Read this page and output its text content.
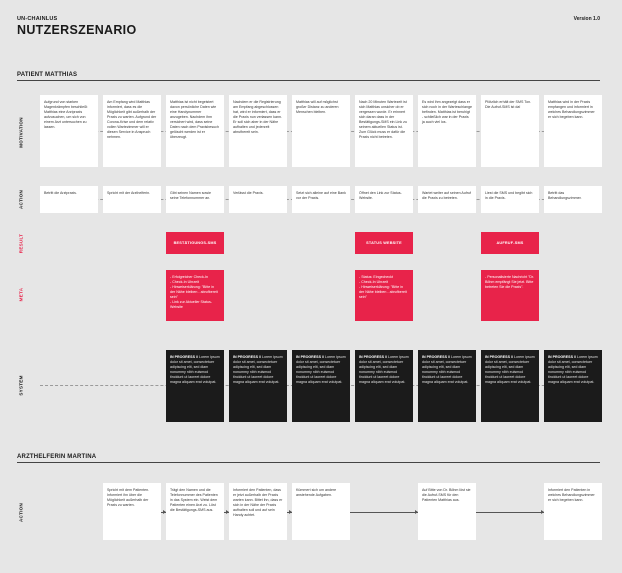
UN-CHAINLUS
NUTZERSZENARIO
Version 1.0
PATIENT MATTHIAS
MOTIVATION
ACTION
RESULT
META
SYSTEM
Aufgrund von starken Magenkrämpfen beschließt Matthias eine Arztpraxis aufzusuchen, um sich von einem Arzt untersuchen zu lassen.
Am Empfang wird Matthias informiert, dass es die Möglichkeit gibt außerhalb der Praxis zu warten. Aufgrund der Corona-Krise und dem relativ vollen Wartezimmer will er diesen Service in Anspruch nehmen.
Matthias ist nicht begeistert davon persönliche Daten wie eine Handynummer anzugeben. Nachdem ihm versichert wird, dass seine Daten nach dem Praxisbesuch gelöscht werden ist er überzeugt.
Nachdem er die Registrierung am Empfang abgeschlossen hat, wird er informiert, dass er die Praxis nun verlassen kann. Er soll sich aber in der Nähe aufhalten und jederzeit abrufbereit sein.
Matthias will auf möglichst großer Distanz zu anderen Menschen bleiben.
Nach 20 Minuten Wartezeit ist sich Matthias unsicher ob er vergessen wurde. Er erinnert sich daran dass in der Bestätigungs-SMS ein Link zu seinem aktuellen Status ist. Zum Glück muss er dafür die Praxis nicht betreten.
Es wird ihm angezeigt dass er sich noch in der Warteschlange befinden. Matthias ist beruhigt - schließlich war in der Praxis ja auch viel los.
Plötzlich erhält der SMS Ton. Die Aufruf-SMS ist da!
Matthias wird in der Praxis empfangen und informiert in welches Behandlungszimmer er sich begeben kann.
Betritt die Arztpraxis.	Spricht mit der Arzthelferin.	Gibt seinen Namen sowie seine Telefonnummer an.
Verlässt die Praxis.	Setzt sich alleine auf eine Bank vor der Praxis.
Öffnet den Link zur Status-Website.
Wartet weiter auf seinen Aufruf die Praxis zu betreten.
Liest die SMS und begibt sich in die Praxis.
Betritt das Behandlungszimmer.
BESTÄTIGUNGS-SMS	STATUS WEBSITE	AUFRUF-SMS
- Erfolgreicher Check-In
- Check-In Uhrzeit
- Hinweiserklärung: "Bitte in der Nähe bleiben - abrufbereit sein"
- Link zur Aktueller Status-Website
- Status: Eingecheckt
- Check-In Uhrzeit
- Hinweiserklärung: "Bitte in der Nähe bleiben - abrufbereit sein"
- Personalisierte Nachricht "Dr. Böhm empfängt Sie jetzt. Bitte betreten Sie die Praxis".
IN PROGRESS // Lorem ipsum dolor sit amet, consectetuer adipiscing elit, sed diam nonummy nibh euismod tincidunt ut laoreet dolore magna aliquam erat volutpat.
IN PROGRESS // Lorem ipsum dolor sit amet, consectetuer adipiscing elit, sed diam nonummy nibh euismod tincidunt ut laoreet dolore magna aliquam erat volutpat.
IN PROGRESS // Lorem ipsum dolor sit amet, consectetuer adipiscing elit, sed diam nonummy nibh euismod tincidunt ut laoreet dolore magna aliquam erat volutpat.
IN PROGRESS // Lorem ipsum dolor sit amet, consectetuer adipiscing elit, sed diam nonummy nibh euismod tincidunt ut laoreet dolore magna aliquam erat volutpat.
IN PROGRESS // Lorem ipsum dolor sit amet, consectetuer adipiscing elit, sed diam nonummy nibh euismod tincidunt ut laoreet dolore magna aliquam erat volutpat.
IN PROGRESS // Lorem ipsum dolor sit amet, consectetuer adipiscing elit, sed diam nonummy nibh euismod tincidunt ut laoreet dolore magna aliquam erat volutpat.
IN PROGRESS // Lorem ipsum dolor sit amet, consectetuer adipiscing elit, sed diam nonummy nibh euismod tincidunt ut laoreet dolore magna aliquam erat volutpat.
ARZTHELFERIN MARTINA
ACTION
Spricht mit dem Patienten. Informiert ihn über die Möglichkeit außerhalb der Praxis zu warten.
Trägt den Namen und die Telefonnummer des Patienten in das System ein. Weist dem Patienten einen Arzt zu. Löst die Bestätigungs-SMS aus.
Informiert den Patienten, dass er jetzt außerhalb der Praxis warten kann. Bittet ihn, dass er sich in der Nähe der Praxis aufhalten soll und auf sein Handy achtet.
Kümmert sich um andere anstehende Aufgaben.
Auf Bitte von Dr. Böhm löst sie die Aufruf-SMS für den Patienten Matthias aus.
Informiert den Patienten in welches Behandlungszimmer er sich begeben kann.
